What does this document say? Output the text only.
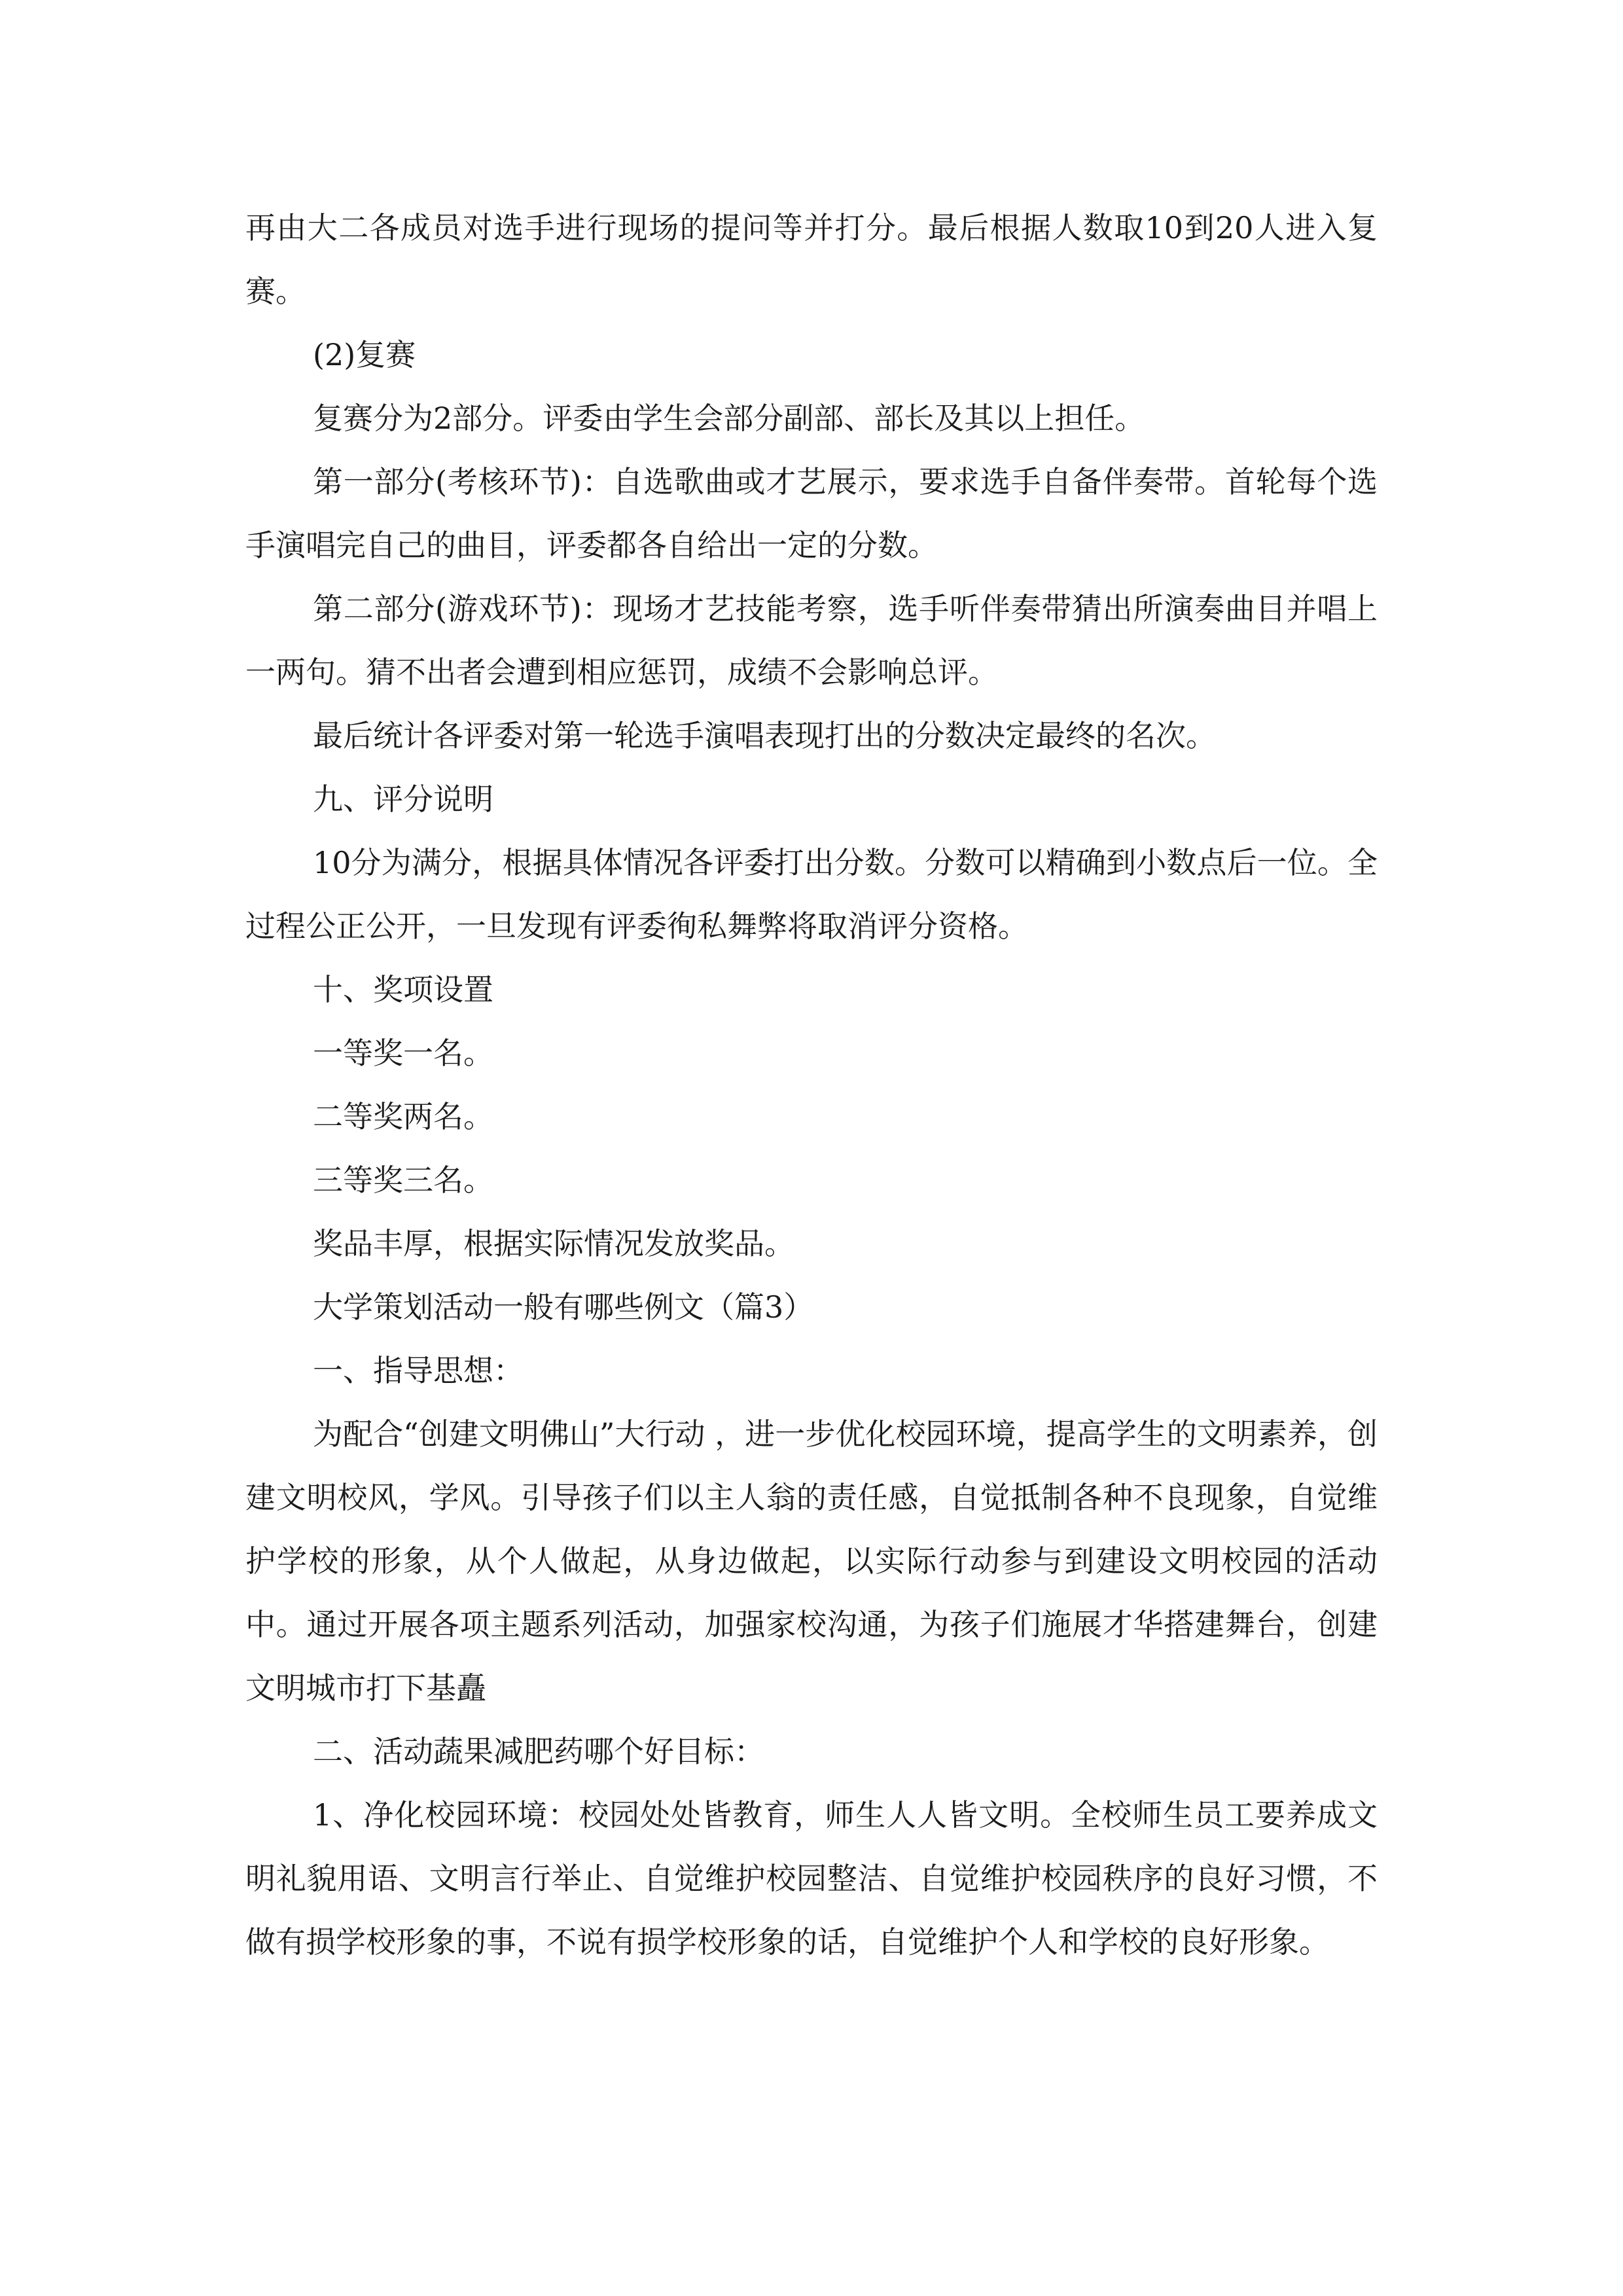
再由大二各成员对选手进行现场的提问等并打分。最后根据人数取10到20人进入复赛。

(2)复赛

复赛分为2部分。评委由学生会部分副部、部长及其以上担任。

第一部分(考核环节)：自选歌曲或才艺展示，要求选手自备伴奏带。首轮每个选手演唱完自己的曲目，评委都各自给出一定的分数。

第二部分(游戏环节)：现场才艺技能考察，选手听伴奏带猜出所演奏曲目并唱上一两句。猜不出者会遭到相应惩罚，成绩不会影响总评。

最后统计各评委对第一轮选手演唱表现打出的分数决定最终的名次。

九、评分说明

10分为满分，根据具体情况各评委打出分数。分数可以精确到小数点后一位。全过程公正公开，一旦发现有评委徇私舞弊将取消评分资格。

十、奖项设置

一等奖一名。

二等奖两名。

三等奖三名。

奖品丰厚，根据实际情况发放奖品。

大学策划活动一般有哪些例文（篇3）

一、指导思想：

为配合“创建文明佛山”大行动 ，进一步优化校园环境，提高学生的文明素养，创建文明校风，学风。引导孩子们以主人翁的责任感，自觉抵制各种不良现象，自觉维护学校的形象，从个人做起，从身边做起，以实际行动参与到建设文明校园的活动中。通过开展各项主题系列活动，加强家校沟通，为孩子们施展才华搭建舞台，创建文明城市打下基矗

二、活动蔬果减肥药哪个好目标：

1、净化校园环境：校园处处皆教育，师生人人皆文明。全校师生员工要养成文明礼貌用语、文明言行举止、自觉维护校园整洁、自觉维护校园秩序的良好习惯，不做有损学校形象的事，不说有损学校形象的话，自觉维护个人和学校的良好形象。
